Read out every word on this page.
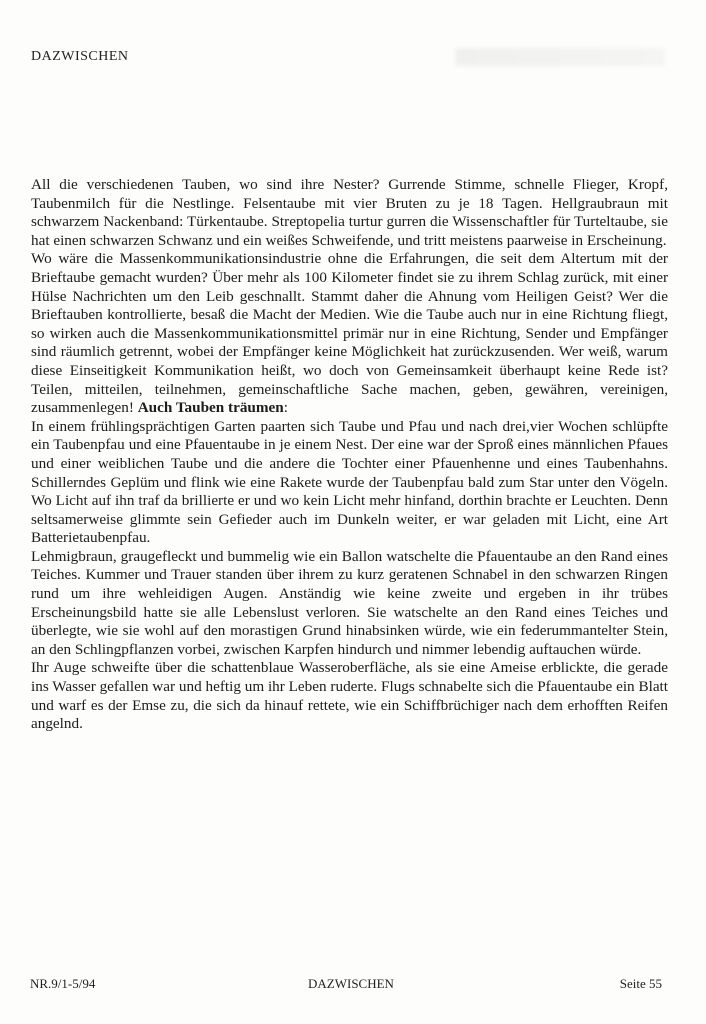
DAZWISCHEN

All die verschiedenen Tauben, wo sind ihre Nester? Gurrende Stimme, schnelle Flieger, Kropf, Taubenmilch für die Nestlinge. Felsentaube mit vier Bruten zu je 18 Tagen. Hellgraubraun mit schwarzem Nackenband: Türkentaube. Streptopelia turtur gurren die Wissenschaftler für Turteltaube, sie hat einen schwarzen Schwanz und ein weißes Schweifende, und tritt meistens paarweise in Erscheinung.

Wo wäre die Massenkommunikationsindustrie ohne die Erfahrungen, die seit dem Altertum mit der Brieftaube gemacht wurden? Über mehr als 100 Kilometer findet sie zu ihrem Schlag zurück, mit einer Hülse Nachrichten um den Leib geschnallt. Stammt daher die Ahnung vom Heiligen Geist? Wer die Brieftauben kontrollierte, besaß die Macht der Medien. Wie die Taube auch nur in eine Richtung fliegt, so wirken auch die Massenkommunikationsmittel primär nur in eine Richtung, Sender und Empfänger sind räumlich getrennt, wobei der Empfänger keine Möglichkeit hat zurückzusenden. Wer weiß, warum diese Einseitigkeit Kommunikation heißt, wo doch von Gemeinsamkeit überhaupt keine Rede ist? Teilen, mitteilen, teilnehmen, gemeinschaftliche Sache machen, geben, gewähren, vereinigen, zusammenlegen! Auch Tauben träumen:

In einem frühlingsprächtigen Garten paarten sich Taube und Pfau und nach drei,vier Wochen schlüpfte ein Taubenpfau und eine Pfauentaube in je einem Nest. Der eine war der Sproß eines männlichen Pfaues und einer weiblichen Taube und die andere die Tochter einer Pfauenhenne und eines Taubenhahns. Schillerndes Geplüm und flink wie eine Rakete wurde der Taubenpfau bald zum Star unter den Vögeln. Wo Licht auf ihn traf da brillierte er und wo kein Licht mehr hinfand, dorthin brachte er Leuchten. Denn seltsamerweise glimmte sein Gefieder auch im Dunkeln weiter, er war geladen mit Licht, eine Art Batterietaubenpfau.

Lehmigbraun, graugefleckt und bummelig wie ein Ballon watschelte die Pfauentaube an den Rand eines Teiches. Kummer und Trauer standen über ihrem zu kurz geratenen Schnabel in den schwarzen Ringen rund um ihre wehleidigen Augen. Anständig wie keine zweite und ergeben in ihr trübes Erscheinungsbild hatte sie alle Lebenslust verloren. Sie watschelte an den Rand eines Teiches und überlegte, wie sie wohl auf den morastigen Grund hinabsinken würde, wie ein federummantelter Stein, an den Schlingpflanzen vorbei, zwischen Karpfen hindurch und nimmer lebendig auftauchen würde.

Ihr Auge schweifte über die schattenblaue Wasseroberfläche, als sie eine Ameise erblickte, die gerade ins Wasser gefallen war und heftig um ihr Leben ruderte. Flugs schnabelte sich die Pfauentaube ein Blatt und warf es der Emse zu, die sich da hinauf rettete, wie ein Schiffbrüchiger nach dem erhofften Reifen angelnd.

NR.9/1-5/94	DAZWISCHEN	Seite 55
